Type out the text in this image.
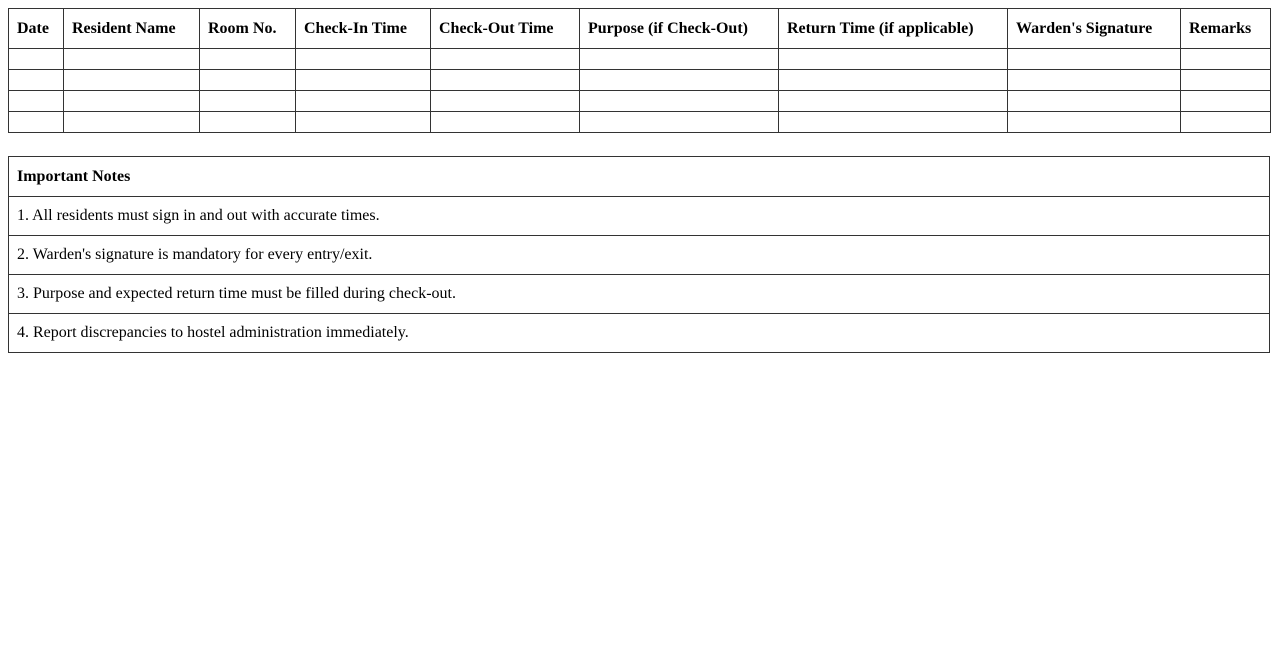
Date	Resident Name	Room No.	Check-In Time	Check-Out Time	Purpose (if Check-Out)	Return Time (if applicable)	Warden's Signature	Remarks

Important Notes
1. All residents must sign in and out with accurate times.
2. Warden's signature is mandatory for every entry/exit.
3. Purpose and expected return time must be filled during check-out.
4. Report discrepancies to hostel administration immediately.
